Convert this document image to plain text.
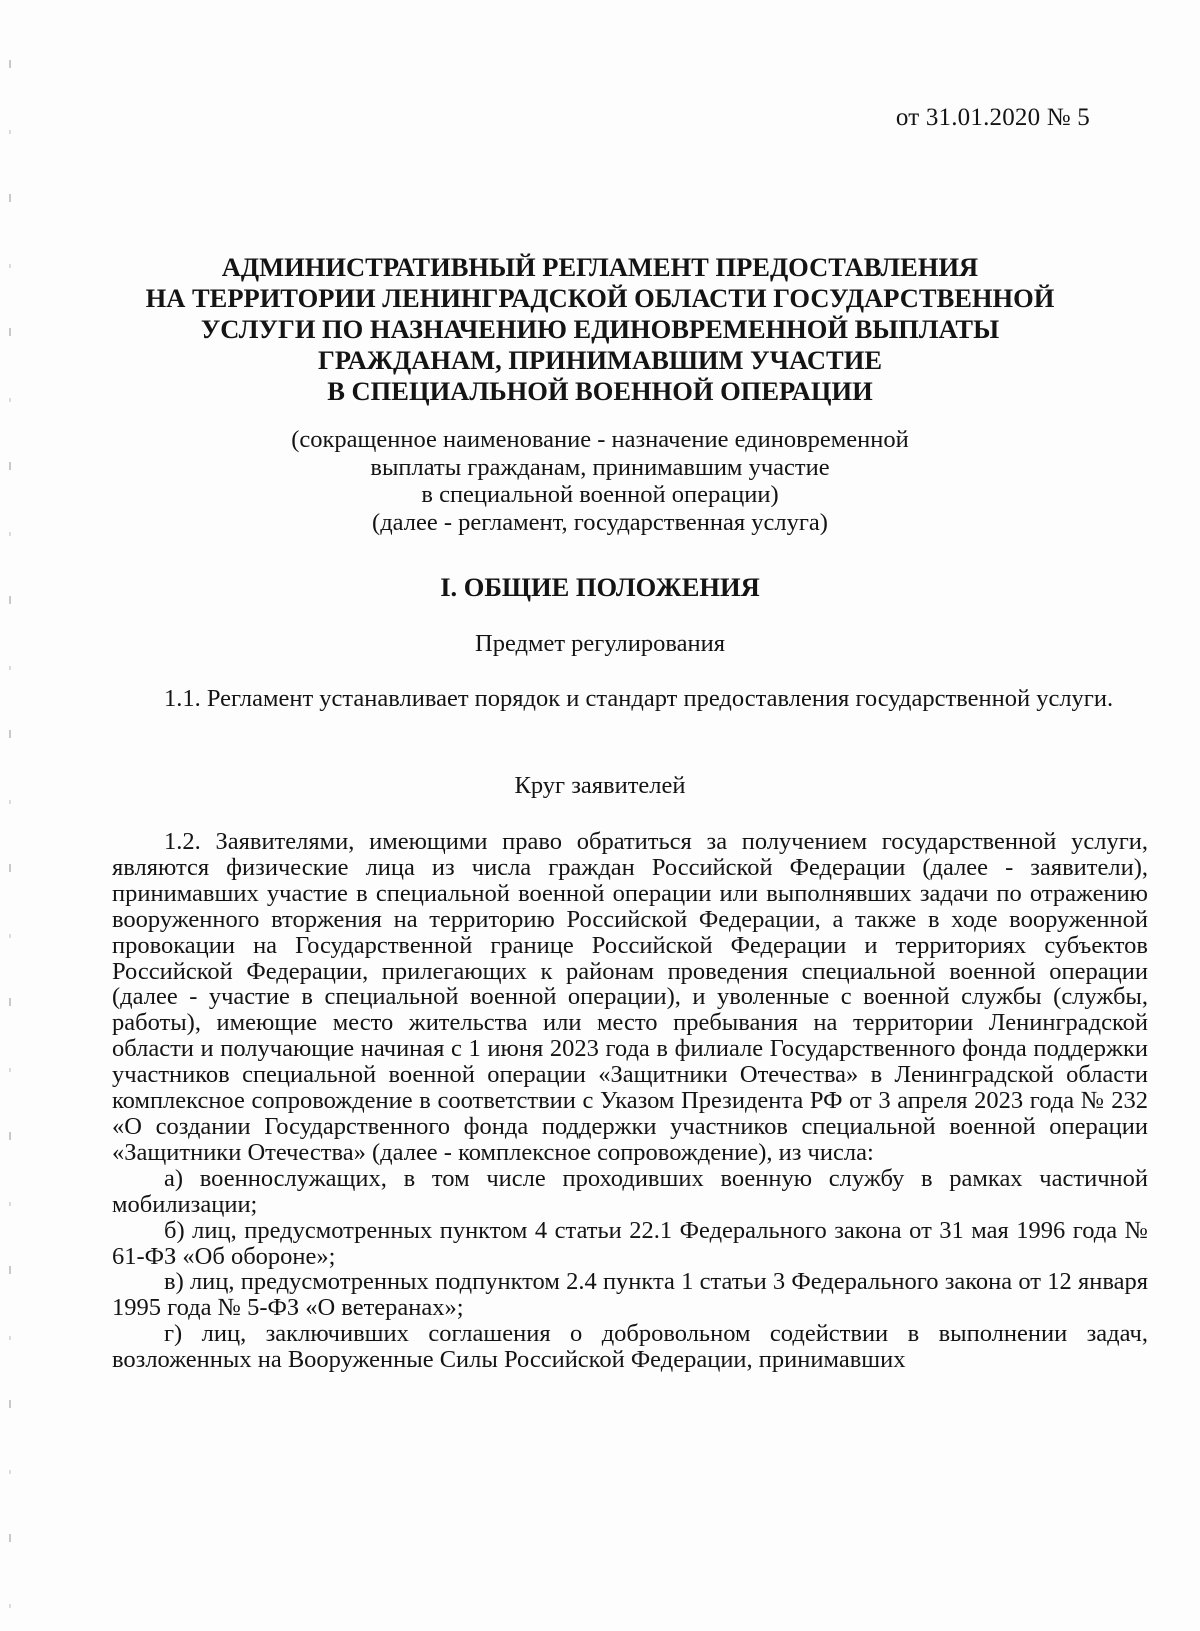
от 31.01.2020 № 5
АДМИНИСТРАТИВНЫЙ РЕГЛАМЕНТ ПРЕДОСТАВЛЕНИЯ
НА ТЕРРИТОРИИ ЛЕНИНГРАДСКОЙ ОБЛАСТИ ГОСУДАРСТВЕННОЙ
УСЛУГИ ПО НАЗНАЧЕНИЮ ЕДИНОВРЕМЕННОЙ ВЫПЛАТЫ
ГРАЖДАНАМ, ПРИНИМАВШИМ УЧАСТИЕ
В СПЕЦИАЛЬНОЙ ВОЕННОЙ ОПЕРАЦИИ
(сокращенное наименование - назначение единовременной
выплаты гражданам, принимавшим участие
в специальной военной операции)
(далее - регламент, государственная услуга)
I. ОБЩИЕ ПОЛОЖЕНИЯ
Предмет регулирования

1.1. Регламент устанавливает порядок и стандарт предоставления государственной услуги.

Круг заявителей

1.2. Заявителями, имеющими право обратиться за получением государственной услуги, являются физические лица из числа граждан Российской Федерации (далее - заявители), принимавших участие в специальной военной операции или выполнявших задачи по отражению вооруженного вторжения на территорию Российской Федерации, а также в ходе вооруженной провокации на Государственной границе Российской Федерации и территориях субъектов Российской Федерации, прилегающих к районам проведения специальной военной операции (далее - участие в специальной военной операции), и уволенные с военной службы (службы, работы), имеющие место жительства или место пребывания на территории Ленинградской области и получающие начиная с 1 июня 2023 года в филиале Государственного фонда поддержки участников специальной военной операции «Защитники Отечества» в Ленинградской области комплексное сопровождение в соответствии с Указом Президента РФ от 3 апреля 2023 года № 232 «О создании Государственного фонда поддержки участников специальной военной операции «Защитники Отечества» (далее - комплексное сопровождение), из числа:

а) военнослужащих, в том числе проходивших военную службу в рамках частичной мобилизации;

б) лиц, предусмотренных пунктом 4 статьи 22.1 Федерального закона от 31 мая 1996 года № 61-ФЗ «Об обороне»;

в) лиц, предусмотренных подпунктом 2.4 пункта 1 статьи 3 Федерального закона от 12 января 1995 года № 5-ФЗ «О ветеранах»;

г) лиц, заключивших соглашения о добровольном содействии в выполнении задач, возложенных на Вооруженные Силы Российской Федерации, принимавших
